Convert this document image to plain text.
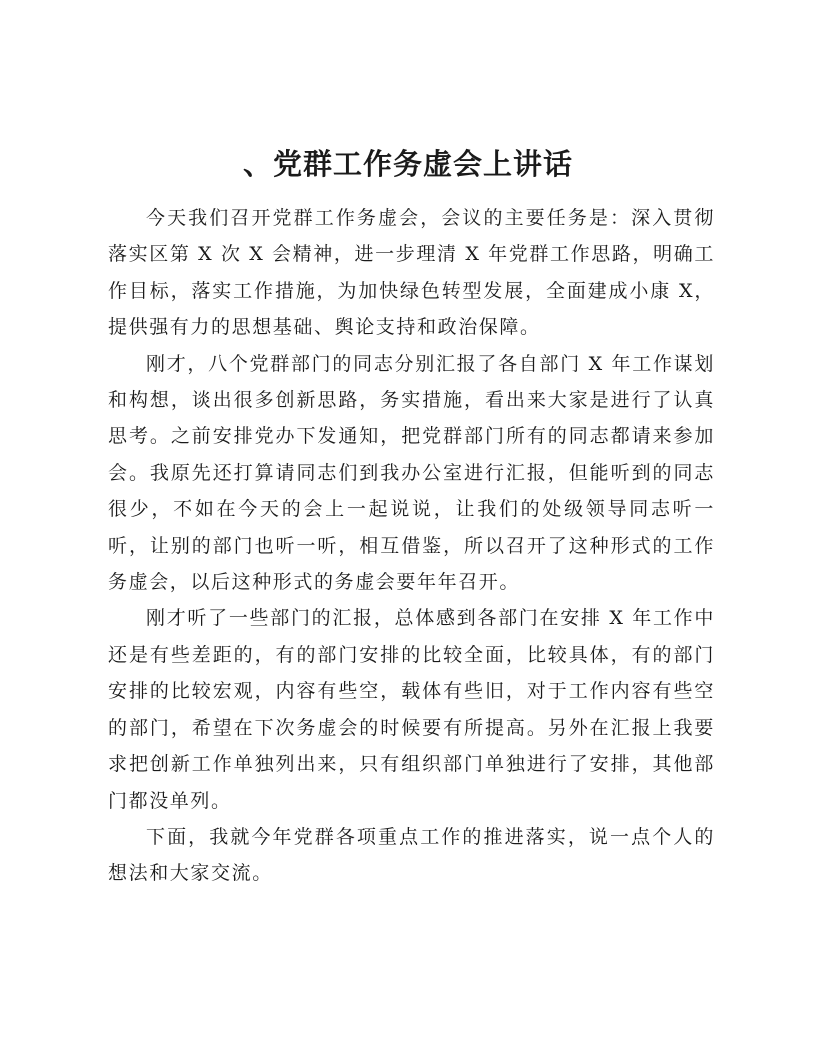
、党群工作务虚会上讲话

今天我们召开党群工作务虚会，会议的主要任务是：深入贯彻落实区第 X 次 X 会精神，进一步理清 X 年党群工作思路，明确工作目标，落实工作措施，为加快绿色转型发展，全面建成小康 X，提供强有力的思想基础、舆论支持和政治保障。

刚才，八个党群部门的同志分别汇报了各自部门 X 年工作谋划和构想，谈出很多创新思路，务实措施，看出来大家是进行了认真思考。之前安排党办下发通知，把党群部门所有的同志都请来参加会。我原先还打算请同志们到我办公室进行汇报，但能听到的同志很少，不如在今天的会上一起说说，让我们的处级领导同志听一听，让别的部门也听一听，相互借鉴，所以召开了这种形式的工作务虚会，以后这种形式的务虚会要年年召开。

刚才听了一些部门的汇报，总体感到各部门在安排 X 年工作中还是有些差距的，有的部门安排的比较全面，比较具体，有的部门安排的比较宏观，内容有些空，载体有些旧，对于工作内容有些空的部门，希望在下次务虚会的时候要有所提高。另外在汇报上我要求把创新工作单独列出来，只有组织部门单独进行了安排，其他部门都没单列。

下面，我就今年党群各项重点工作的推进落实，说一点个人的想法和大家交流。
